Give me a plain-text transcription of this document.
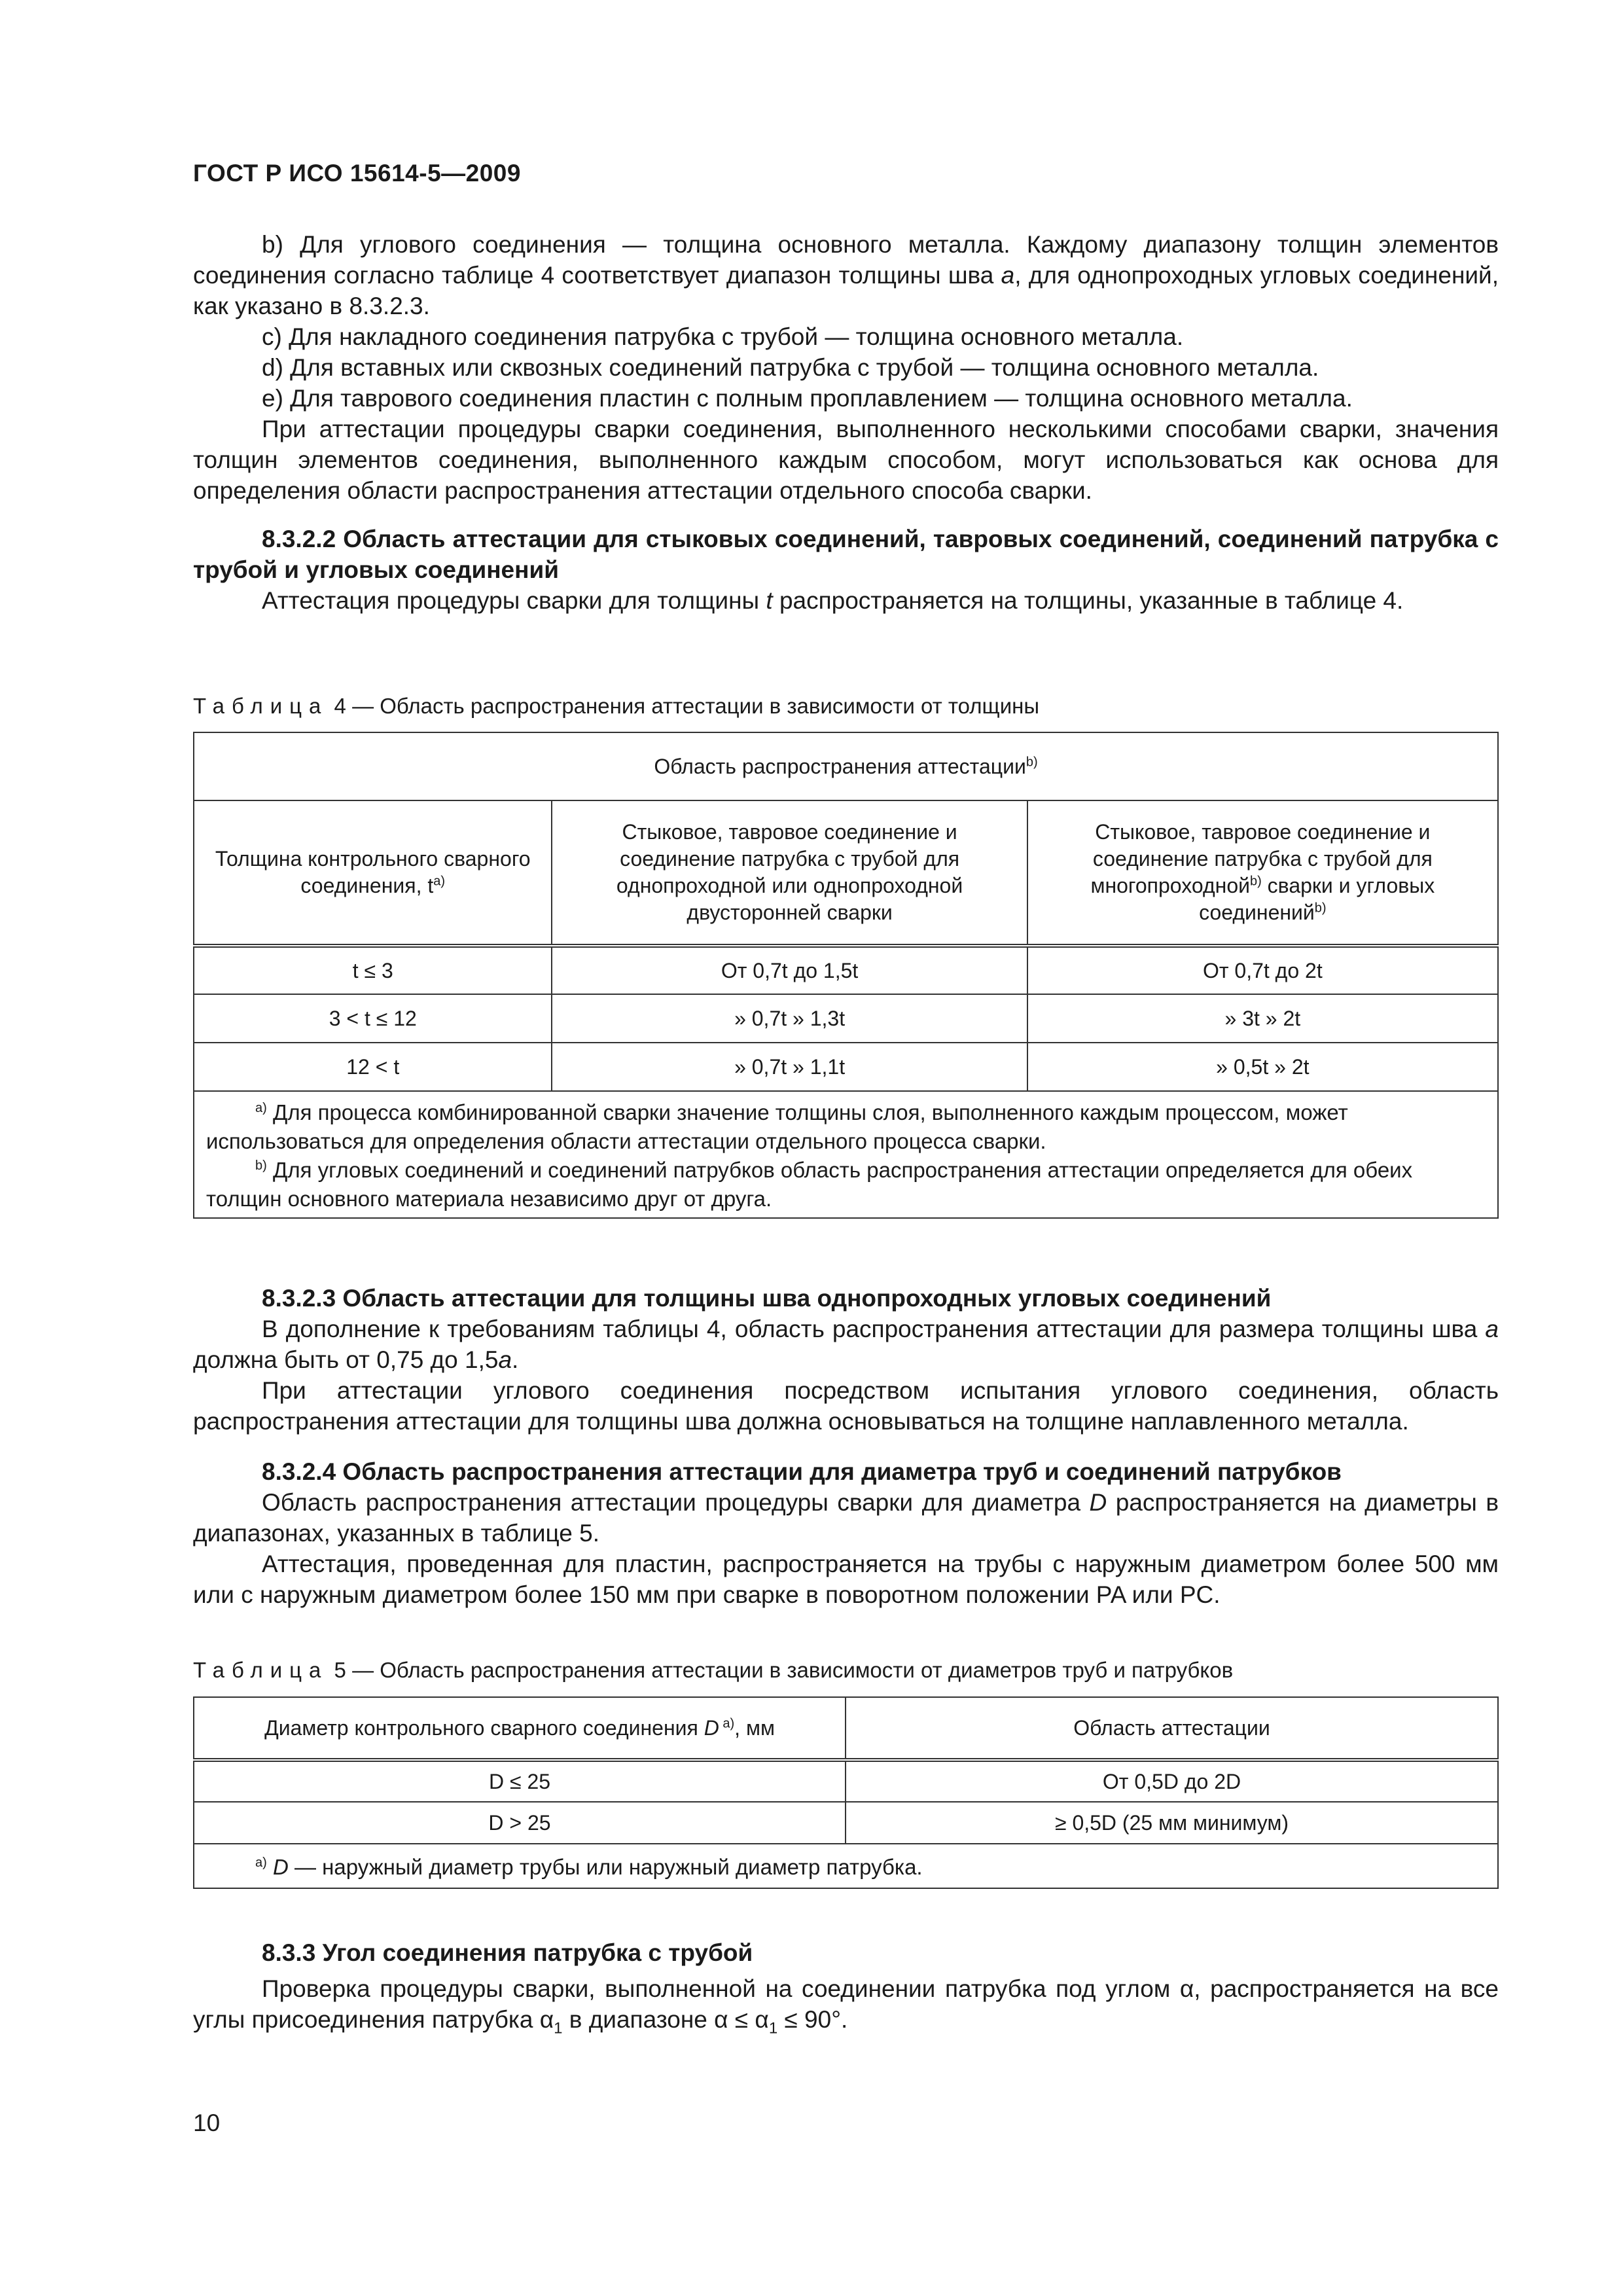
ГОСТ Р ИСО 15614-5—2009

b) Для углового соединения — толщина основного металла. Каждому диапазону толщин элементов соединения согласно таблице 4 соответствует диапазон толщины шва a, для однопроходных угловых соединений, как указано в 8.3.2.3.

c) Для накладного соединения патрубка с трубой — толщина основного металла.

d) Для вставных или сквозных соединений патрубка с трубой — толщина основного металла.

e) Для таврового соединения пластин с полным проплавлением — толщина основного металла.

При аттестации процедуры сварки соединения, выполненного несколькими способами сварки, значения толщин элементов соединения, выполненного каждым способом, могут использоваться как основа для определения области распространения аттестации отдельного способа сварки.

8.3.2.2 Область аттестации для стыковых соединений, тавровых соединений, соединений патрубка с трубой и угловых соединений

Аттестация процедуры сварки для толщины t распространяется на толщины, указанные в таблице 4.

Таблица 4 — Область распространения аттестации в зависимости от толщины
Область распространения аттестации$^{b)}$
Толщина контрольного сварного соединения, $t^{a)}$	Стыковое, тавровое соединение и соединение патрубка с трубой для однопроходной или однопроходной двусторонней сварки	Стыковое, тавровое соединение и соединение патрубка с трубой для многопроходной$^{b)}$ сварки и угловых соединений$^{b)}$
t ≤ 3	От 0,7t до 1,5t	От 0,7t до 2t
3 < t ≤ 12	» 0,7t » 1,3t	» 3t » 2t
12 < t	» 0,7t » 1,1t	» 0,5t » 2t

$^{a)}$ Для процесса комбинированной сварки значение толщины слоя, выполненного каждым процессом, может использоваться для определения области аттестации отдельного процесса сварки.
$^{b)}$ Для угловых соединений и соединений патрубков область распространения аттестации определяется для обеих толщин основного материала независимо друг от друга.		

8.3.2.3 Область аттестации для толщины шва однопроходных угловых соединений

В дополнение к требованиям таблицы 4, область распространения аттестации для размера толщины шва a должна быть от 0,75 до 1,5a.

При аттестации углового соединения посредством испытания углового соединения, область распространения аттестации для толщины шва должна основываться на толщине наплавленного металла.

8.3.2.4 Область распространения аттестации для диаметра труб и соединений патрубков

Область распространения аттестации процедуры сварки для диаметра D распространяется на диаметры в диапазонах, указанных в таблице 5.

Аттестация, проведенная для пластин, распространяется на трубы с наружным диаметром более 500 мм или с наружным диаметром более 150 мм при сварке в поворотном положении PA или PC.

Таблица 5 — Область распространения аттестации в зависимости от диаметров труб и патрубков
Диаметр контрольного сварного соединения D $^{a)}$, мм	Область аттестации
D ≤ 25	От 0,5D до 2D
D > 25	≥ 0,5D (25 мм минимум)

$^{a)}$ D — наружный диаметр трубы или наружный диаметр патрубка.	

8.3.3 Угол соединения патрубка с трубой

Проверка процедуры сварки, выполненной на соединении патрубка под углом α, распространяется на все углы присоединения патрубка $\alpha_1$ в диапазоне $\alpha \le \alpha_1 \le 90^\circ$.

10
